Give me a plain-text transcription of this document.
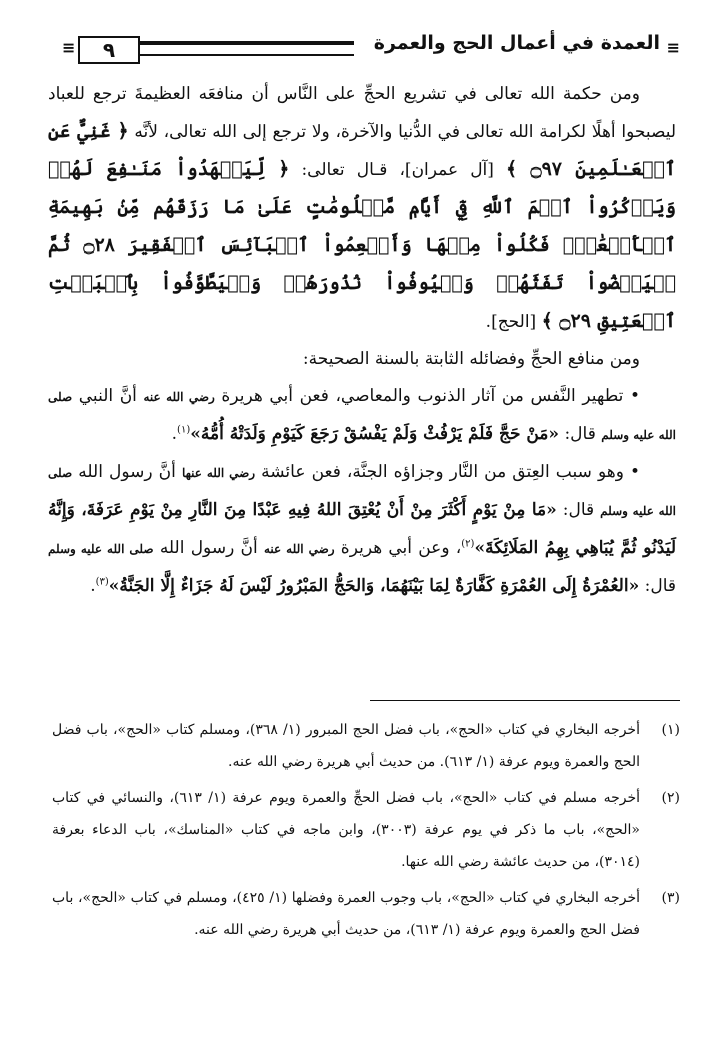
≡	٩	العمدة في أعمال الحج والعمرة ≡

ومن حكمة الله تعالى في تشريع الحجِّ على النَّاس أن منافعَه العظيمةَ ترجع للعباد ليصبحوا أهلًا لكرامة الله تعالى في الدُّنيا والآخرة، ولا ترجع إلى الله تعالى، لأنَّه ﴿ غَنِيٌّ عَنِ ٱلۡعَـٰلَمِينَ ۝٩٧ ﴾ [آل عمران]، قـال تعالى: ﴿ لِّيَشۡهَدُواْ مَنَـٰفِعَ لَهُمۡ وَيَذۡكُرُواْ ٱسۡمَ ٱللَّهِ فِيٓ أَيَّامٖ مَّعۡلُومَٰتٍ عَلَىٰ مَا رَزَقَهُم مِّنۢ بَهِيمَةِ ٱلۡأَنۡعَٰمِۖ فَكُلُواْ مِنۡهَا وَأَطۡعِمُواْ ٱلۡبَآئِسَ ٱلۡفَقِيرَ ۝٢٨ ثُمَّ لۡيَقۡضُواْ تَفَثَهُمۡ وَلۡيُوفُواْ نُذُورَهُمۡ وَلۡيَطَّوَّفُواْ بِٱلۡبَيۡتِ ٱلۡعَتِيقِ ۝٢٩ ﴾ [الحج].

ومن منافع الحجِّ وفضائله الثابتة بالسنة الصحيحة:

• تطهير النَّفس من آثار الذنوب والمعاصي، فعن أبي هريرة رضي الله عنه أنَّ النبي صلى الله عليه وسلم قال: «مَنْ حَجَّ فَلَمْ يَرْفُثْ وَلَمْ يَفْسُقْ رَجَعَ كَيَوْمِ وَلَدَتْهُ أُمُّهُ»$^{(١)}$.

• وهو سبب العِتق من النَّار وجزاؤه الجنَّة، فعن عائشة رضي الله عنها أنَّ رسول الله صلى الله عليه وسلم قال: «مَا مِنْ يَوْمٍ أَكْثَرَ مِنْ أَنْ يُعْتِقَ اللهُ فِيهِ عَبْدًا مِنَ النَّارِ مِنْ يَوْمِ عَرَفَةَ، وَإِنَّهُ لَيَدْنُو ثُمَّ يُبَاهِي بِهِمُ المَلَائِكَةَ»$^{(٢)}$، وعن أبي هريرة رضي الله عنه أنَّ رسول الله صلى الله عليه وسلم قال: «العُمْرَةُ إِلَى العُمْرَةِ كَفَّارَةٌ لِمَا بَيْنَهُمَا، وَالحَجُّ المَبْرُورُ لَيْسَ لَهُ جَزَاءٌ إِلَّا الجَنَّةُ»$^{(٣)}$.

(١)
أخرجه البخاري في كتاب «الحج»، باب فضل الحج المبرور (١/ ٣٦٨)، ومسلم كتاب «الحج»، باب فضل الحج والعمرة ويوم عرفة (١/ ٦١٣). من حديث أبي هريرة رضي الله عنه.
(٢)
أخرجه مسلم في كتاب «الحج»، باب فضل الحجِّ والعمرة ويوم عرفة (١/ ٦١٣)، والنسائي في كتاب «الحج»، باب ما ذكر في يوم عرفة (٣٠٠٣)، وابن ماجه في كتاب «المناسك»، باب الدعاء بعرفة (٣٠١٤)، من حديث عائشة رضي الله عنها.
(٣)
أخرجه البخاري في كتاب «الحج»، باب وجوب العمرة وفضلها (١/ ٤٢٥)، ومسلم في كتاب «الحج»، باب فضل الحج والعمرة ويوم عرفة (١/ ٦١٣)، من حديث أبي هريرة رضي الله عنه.
